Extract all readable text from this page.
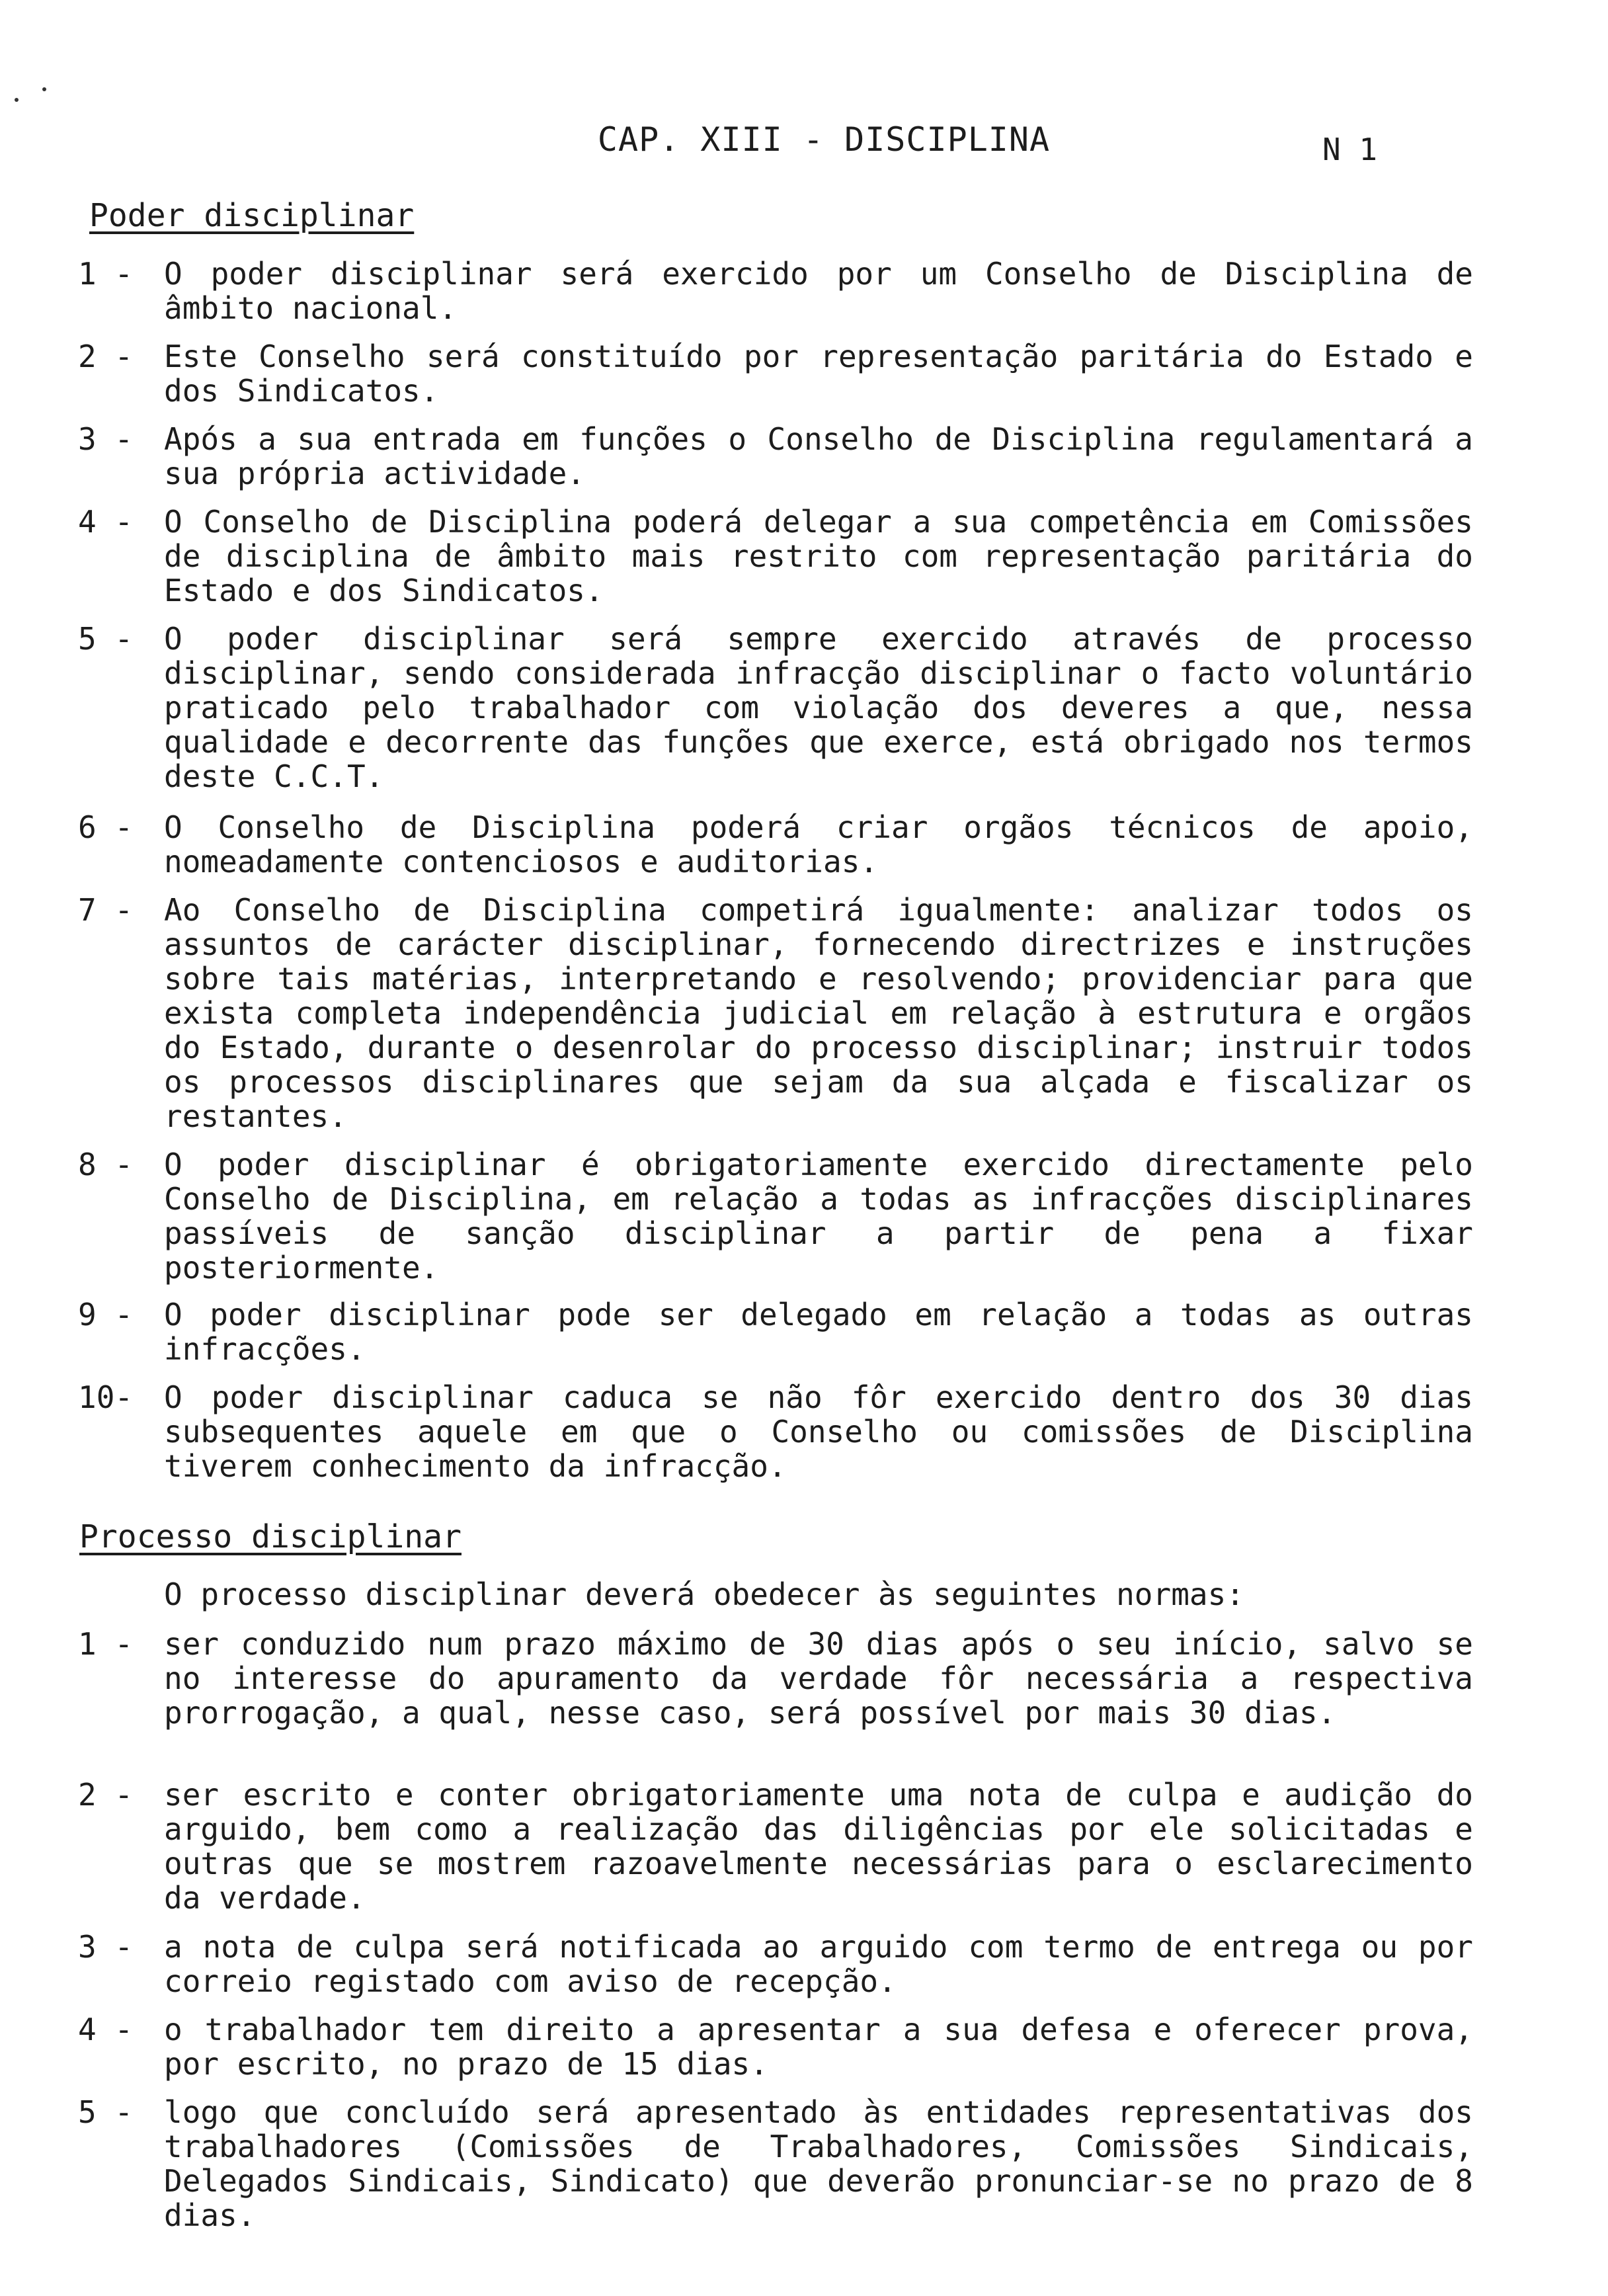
CAP. XIII - DISCIPLINA	N 1
Poder disciplinar
1 -	O poder disciplinar será exercido por um Conselho de Disciplina de âmbito nacional.
2 -	Este Conselho será constituído por representação paritária do Estado e dos Sindicatos.
3 -	Após a sua entrada em funções o Conselho de Disciplina regulamentará a sua própria actividade.
4 -	O Conselho de Disciplina poderá delegar a sua competência em Comissões de disciplina de âmbito mais restrito com representação paritária do Estado e dos Sindicatos.
5 -	O poder disciplinar será sempre exercido através de processo disciplinar, sendo considerada infracção disciplinar o facto voluntário praticado pelo trabalhador com violação dos deveres a que, nessa qualidade e decorrente das funções que exerce, está obrigado nos termos deste C.C.T.
6 -	O Conselho de Disciplina poderá criar orgãos técnicos de apoio, nomeadamente contenciosos e auditorias.
7 -	Ao Conselho de Disciplina competirá igualmente: analizar todos os assuntos de carácter disciplinar, fornecendo directrizes e instruções sobre tais matérias, interpretando e resolvendo; providenciar para que exista completa independência judicial em relação à estrutura e orgãos do Estado, durante o desenrolar do processo disciplinar; instruir todos os processos disciplinares que sejam da sua alçada e fiscalizar os restantes.
8 -	O poder disciplinar é obrigatoriamente exercido directamente pelo Conselho de Disciplina, em relação a todas as infracções disciplinares passíveis de sanção disciplinar a partir de pena a fixar posteriormente.
9 -	O poder disciplinar pode ser delegado em relação a todas as outras infracções.
10-	O poder disciplinar caduca se não fôr exercido dentro dos 30 dias subsequentes aquele em que o Conselho ou comissões de Disciplina tiverem conhecimento da infracção.
Processo disciplinar
O processo disciplinar deverá obedecer às seguintes normas:
1 -	ser conduzido num prazo máximo de 30 dias após o seu início, salvo se no interesse do apuramento da verdade fôr necessária a respectiva prorrogação, a qual, nesse caso, será possível por mais 30 dias.
2 -	ser escrito e conter obrigatoriamente uma nota de culpa e audição do arguido, bem como a realização das diligências por ele solicitadas e outras que se mostrem razoavelmente necessárias para o esclarecimento da verdade.
3 -	a nota de culpa será notificada ao arguido com termo de entrega ou por correio registado com aviso de recepção.
4 -	o trabalhador tem direito a apresentar a sua defesa e oferecer prova, por escrito, no prazo de 15 dias.
5 -	logo que concluído será apresentado às entidades representativas dos trabalhadores (Comissões de Trabalhadores, Comissões Sindicais, Delegados Sindicais, Sindicato) que deverão pronunciar-se no prazo de 8 dias.
